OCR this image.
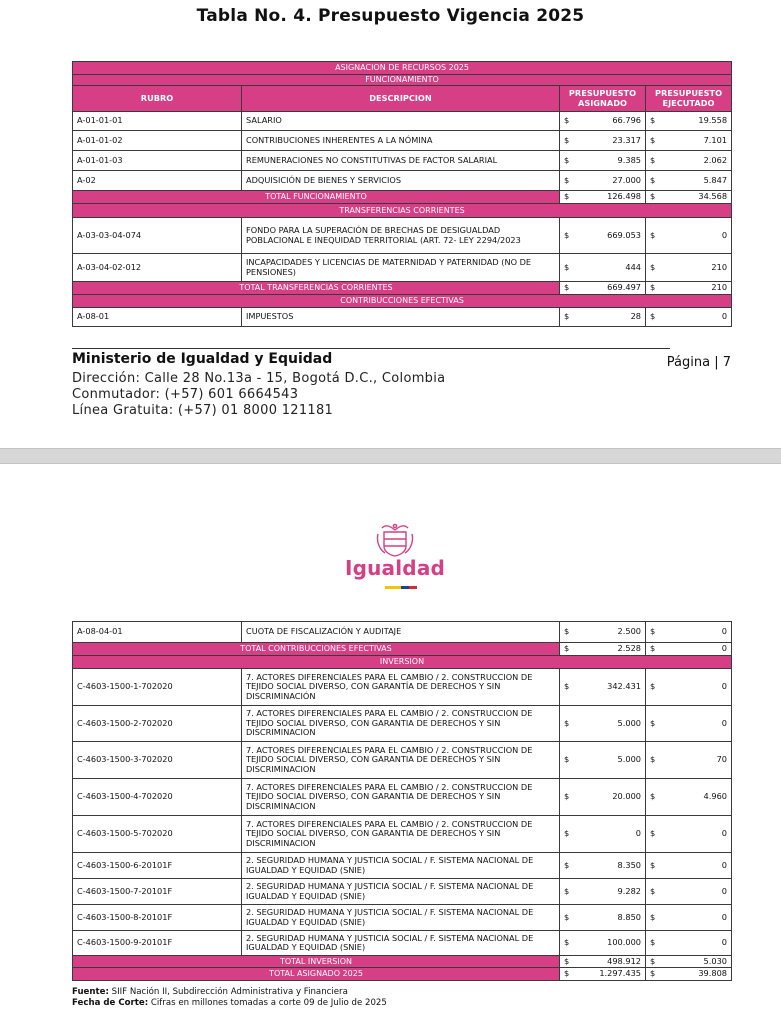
Tabla No. 4. Presupuesto Vigencia 2025
ASIGNACION DE RECURSOS 2025			
FUNCIONAMIENTO			
RUBRO	DESCRIPCION	PRESUPUESTO ASIGNADO	PRESUPUESTO EJECUTADO
A-01-01-01	SALARIO	$ 66.796	$ 19.558
A-01-01-02	CONTRIBUCIONES INHERENTES A LA NÓMINA	$ 23.317	$ 7.101
A-01-01-03	REMUNERACIONES NO CONSTITUTIVAS DE FACTOR SALARIAL	$ 9.385	$ 2.062
A-02	ADQUISICIÓN DE BIENES Y SERVICIOS	$ 27.000	$ 5.847
TOTAL FUNCIONAMIENTO		$ 126.498	$ 34.568
TRANSFERENCIAS CORRIENTES			
A-03-03-04-074	FONDO PARA LA SUPERACIÓN DE BRECHAS DE DESIGUALDAD POBLACIONAL E INEQUIDAD TERRITORIAL (ART. 72- LEY 2294/2023	$ 669.053	$ 0
A-03-04-02-012	INCAPACIDADES Y LICENCIAS DE MATERNIDAD Y PATERNIDAD (NO DE PENSIONES)	$ 444	$ 210
TOTAL TRANSFERENCIAS CORRIENTES		$ 669.497	$ 210
CONTRIBUCCIONES EFECTIVAS			
A-08-01	IMPUESTOS	$ 28	$ 0
Ministerio de Igualdad y Equidad	Página | 7
Dirección: Calle 28 No.13a - 15, Bogotá D.C., Colombia
Conmutador: (+57) 601 6664543
Línea Gratuita: (+57) 01 8000 121181
Igualdad
A-08-04-01	CUOTA DE FISCALIZACIÓN Y AUDITAJE	$ 2.500	$ 0
TOTAL CONTRIBUCCIONES EFECTIVAS		$ 2.528	$ 0
INVERSION			
C-4603-1500-1-702020	7. ACTORES DIFERENCIALES PARA EL CAMBIO / 2. CONSTRUCCION DE TEJIDO SOCIAL DIVERSO, CON GARANTÍA DE DERECHOS Y SIN DISCRIMINACIÓN	$ 342.431	$ 0
C-4603-1500-2-702020	7. ACTORES DIFERENCIALES PARA EL CAMBIO / 2. CONSTRUCCION DE TEJIDO SOCIAL DIVERSO, CON GARANTIA DE DERECHOS Y SIN DISCRIMINACION	$ 5.000	$ 0
C-4603-1500-3-702020	7. ACTORES DIFERENCIALES PARA EL CAMBIO / 2. CONSTRUCCION DE TEJIDO SOCIAL DIVERSO, CON GARANTIA DE DERECHOS Y SIN DISCRIMINACION	$ 5.000	$ 70
C-4603-1500-4-702020	7. ACTORES DIFERENCIALES PARA EL CAMBIO / 2. CONSTRUCCION DE TEJIDO SOCIAL DIVERSO, CON GARANTIA DE DERECHOS Y SIN DISCRIMINACION	$ 20.000	$ 4.960
C-4603-1500-5-702020	7. ACTORES DIFERENCIALES PARA EL CAMBIO / 2. CONSTRUCCION DE TEJIDO SOCIAL DIVERSO, CON GARANTIA DE DERECHOS Y SIN DISCRIMINACION	$ 0	$ 0
C-4603-1500-6-20101F	2. SEGURIDAD HUMANA Y JUSTICIA SOCIAL / F. SISTEMA NACIONAL DE IGUALDAD Y EQUIDAD (SNIE)	$ 8.350	$ 0
C-4603-1500-7-20101F	2. SEGURIDAD HUMANA Y JUSTICIA SOCIAL / F. SISTEMA NACIONAL DE IGUALDAD Y EQUIDAD (SNIE)	$ 9.282	$ 0
C-4603-1500-8-20101F	2. SEGURIDAD HUMANA Y JUSTICIA SOCIAL / F. SISTEMA NACIONAL DE IGUALDAD Y EQUIDAD (SNIE)	$ 8.850	$ 0
C-4603-1500-9-20101F	2. SEGURIDAD HUMANA Y JUSTICIA SOCIAL / F. SISTEMA NACIONAL DE IGUALDAD Y EQUIDAD (SNIE)	$ 100.000	$ 0
TOTAL INVERSION		$ 498.912	$ 5.030
TOTAL ASIGNADO 2025		$ 1.297.435	$ 39.808
Fuente: SIIF Nación II, Subdirección Administrativa y Financiera
Fecha de Corte: Cifras en millones tomadas a corte 09 de Julio de 2025
